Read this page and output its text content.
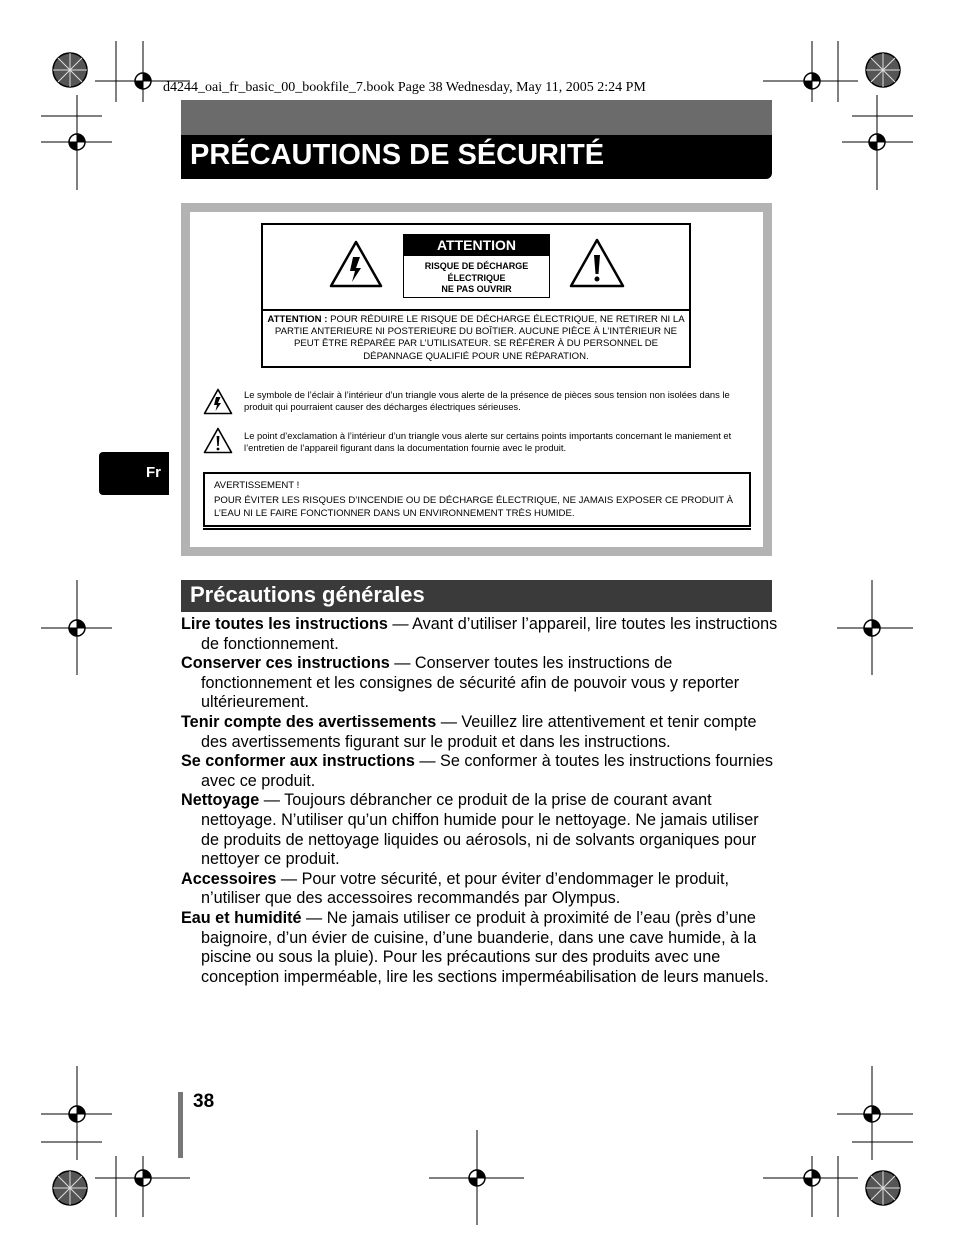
d4244_oai_fr_basic_00_bookfile_7.book Page 38 Wednesday, May 11, 2005 2:24 PM
PRÉCAUTIONS DE SÉCURITÉ
Fr
ATTENTION
RISQUE DE DÉCHARGE
ÉLECTRIQUE
NE PAS OUVRIR
ATTENTION : POUR RÉDUIRE LE RISQUE DE DÉCHARGE ÉLECTRIQUE, NE RETIRER NI LA PARTIE ANTERIEURE NI POSTERIEURE DU BOÎTIER. AUCUNE PIÈCE À L’INTÉRIEUR NE PEUT ÊTRE RÉPARÉE PAR L’UTILISATEUR. SE RÉFÉRER À DU PERSONNEL DE DÉPANNAGE QUALIFIÉ POUR UNE RÉPARATION.
Le symbole de l’éclair à l’intérieur d’un triangle vous alerte de la présence de pièces sous tension non isolées dans le produit qui pourraient causer des décharges électriques sérieuses.
Le point d’exclamation à l’intérieur d’un triangle vous alerte sur certains points importants concernant le maniement et l’entretien de l’appareil figurant dans la documentation fournie avec le produit.
AVERTISSEMENT !
POUR ÉVITER LES RISQUES D’INCENDIE OU DE DÉCHARGE ÉLECTRIQUE, NE JAMAIS EXPOSER CE PRODUIT À L’EAU NI LE FAIRE FONCTIONNER DANS UN ENVIRONNEMENT TRÈS HUMIDE.
Précautions générales

Lire toutes les instructions — Avant d’utiliser l’appareil, lire toutes les instructions de fonctionnement.

Conserver ces instructions — Conserver toutes les instructions de fonctionnement et les consignes de sécurité afin de pouvoir vous y reporter ultérieurement.

Tenir compte des avertissements — Veuillez lire attentivement et tenir compte des avertissements figurant sur le produit et dans les instructions.

Se conformer aux instructions — Se conformer à toutes les instructions fournies avec ce produit.

Nettoyage — Toujours débrancher ce produit de la prise de courant avant nettoyage. N’utiliser qu’un chiffon humide pour le nettoyage. Ne jamais utiliser de produits de nettoyage liquides ou aérosols, ni de solvants organiques pour nettoyer ce produit.

Accessoires — Pour votre sécurité, et pour éviter d’endommager le produit, n’utiliser que des accessoires recommandés par Olympus.

Eau et humidité — Ne jamais utiliser ce produit à proximité de l’eau (près d’une baignoire, d’un évier de cuisine, d’une buanderie, dans une cave humide, à la piscine ou sous la pluie). Pour les précautions sur des produits avec une conception imperméable, lire les sections imperméabilisation de leurs manuels.

38
